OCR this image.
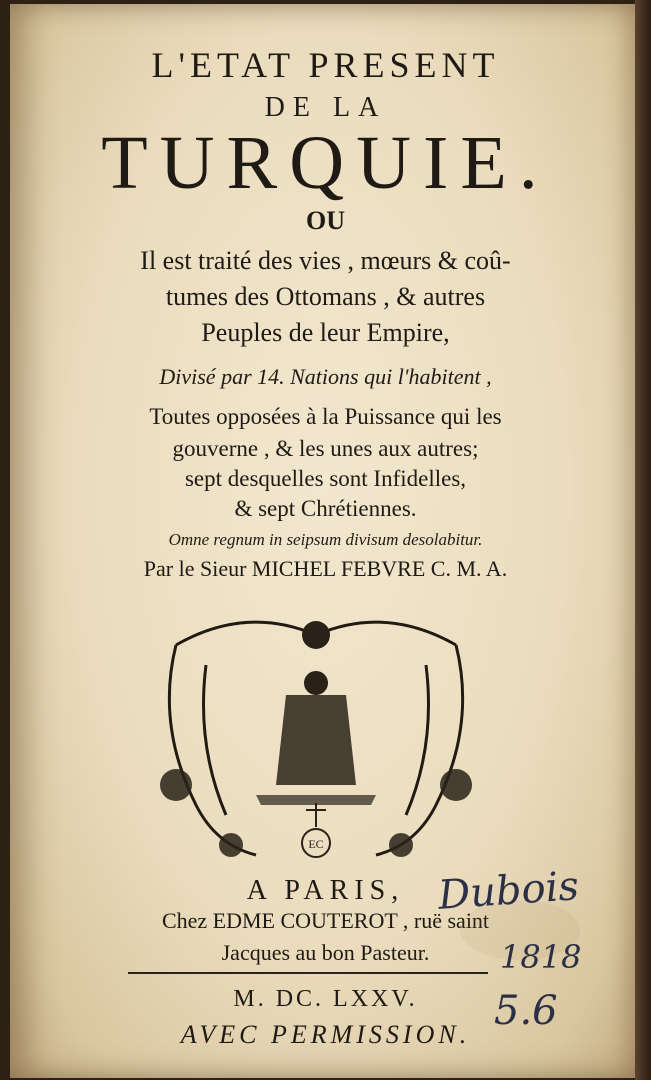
L'ETAT PRESENT
DE LA
TURQUIE.
OU
Il est traité des vies , mœurs & coû-
tumes des Ottomans , & autres
Peuples de leur Empire,
Divisé par 14. Nations qui l'habitent ,
Toutes opposées à la Puissance qui les
gouverne , & les unes aux autres;
sept desquelles sont Infidelles,
& sept Chrétiennes.
Omne regnum in seipsum divisum desolabitur.
Par le Sieur MICHEL FEBVRE C. M. A.
EC
A PARIS,
Chez EDME COUTEROT , ruë saint
Jacques au bon Pasteur.
M. DC. LXXV.
AVEC PERMISSION.
Dubois
1818
5.6
